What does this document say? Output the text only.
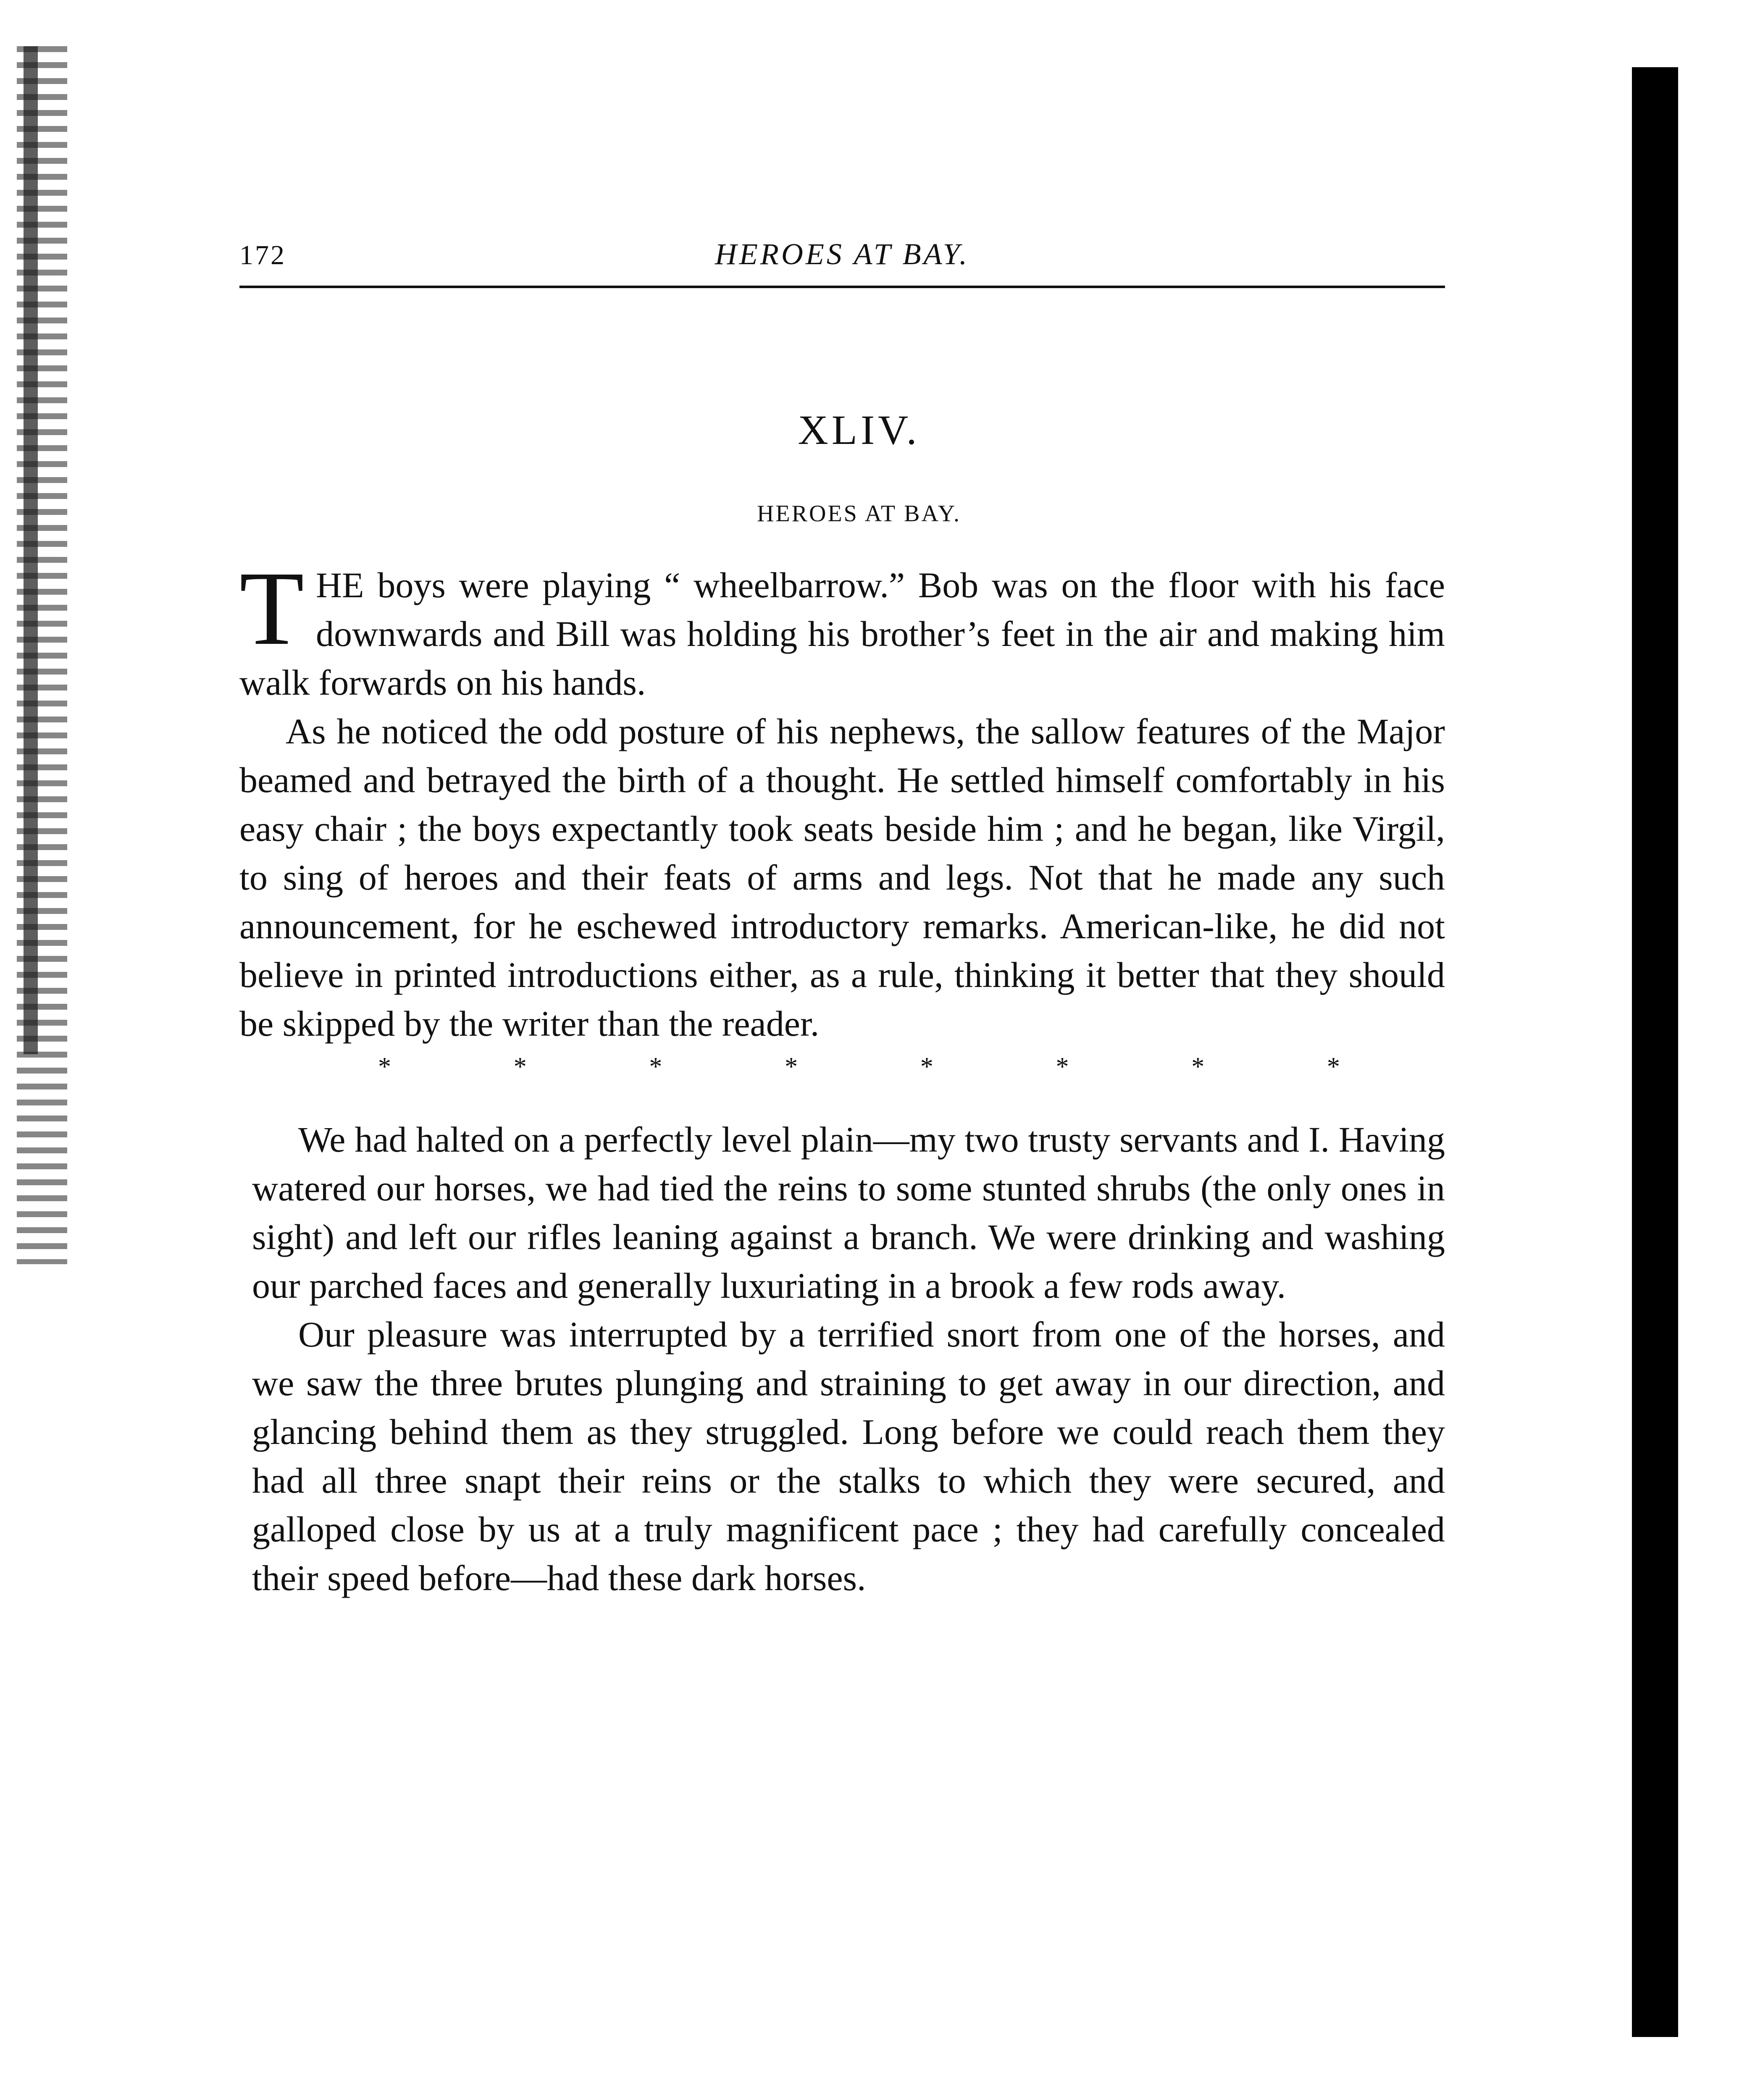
172	HEROES AT BAY.
XLIV.
HEROES AT BAY.

THE boys were playing “ wheelbarrow.” Bob was on the floor with his face downwards and Bill was holding his brother’s feet in the air and making him walk forwards on his hands.

As he noticed the odd posture of his nephews, the sallow features of the Major beamed and betrayed the birth of a thought. He settled himself comfortably in his easy chair ; the boys expectantly took seats beside him ; and he began, like Virgil, to sing of heroes and their feats of arms and legs. Not that he made any such announcement, for he eschewed introductory remarks. American-like, he did not believe in printed introductions either, as a rule, thinking it better that they should be skipped by the writer than the reader.

*	*	*	*	*	*	*	*

We had halted on a perfectly level plain—my two trusty servants and I. Having watered our horses, we had tied the reins to some stunted shrubs (the only ones in sight) and left our rifles leaning against a branch. We were drinking and washing our parched faces and generally luxuriating in a brook a few rods away.

Our pleasure was interrupted by a terrified snort from one of the horses, and we saw the three brutes plunging and straining to get away in our direction, and glancing behind them as they struggled. Long before we could reach them they had all three snapt their reins or the stalks to which they were secured, and galloped close by us at a truly magnificent pace ; they had carefully concealed their speed before—had these dark horses.
